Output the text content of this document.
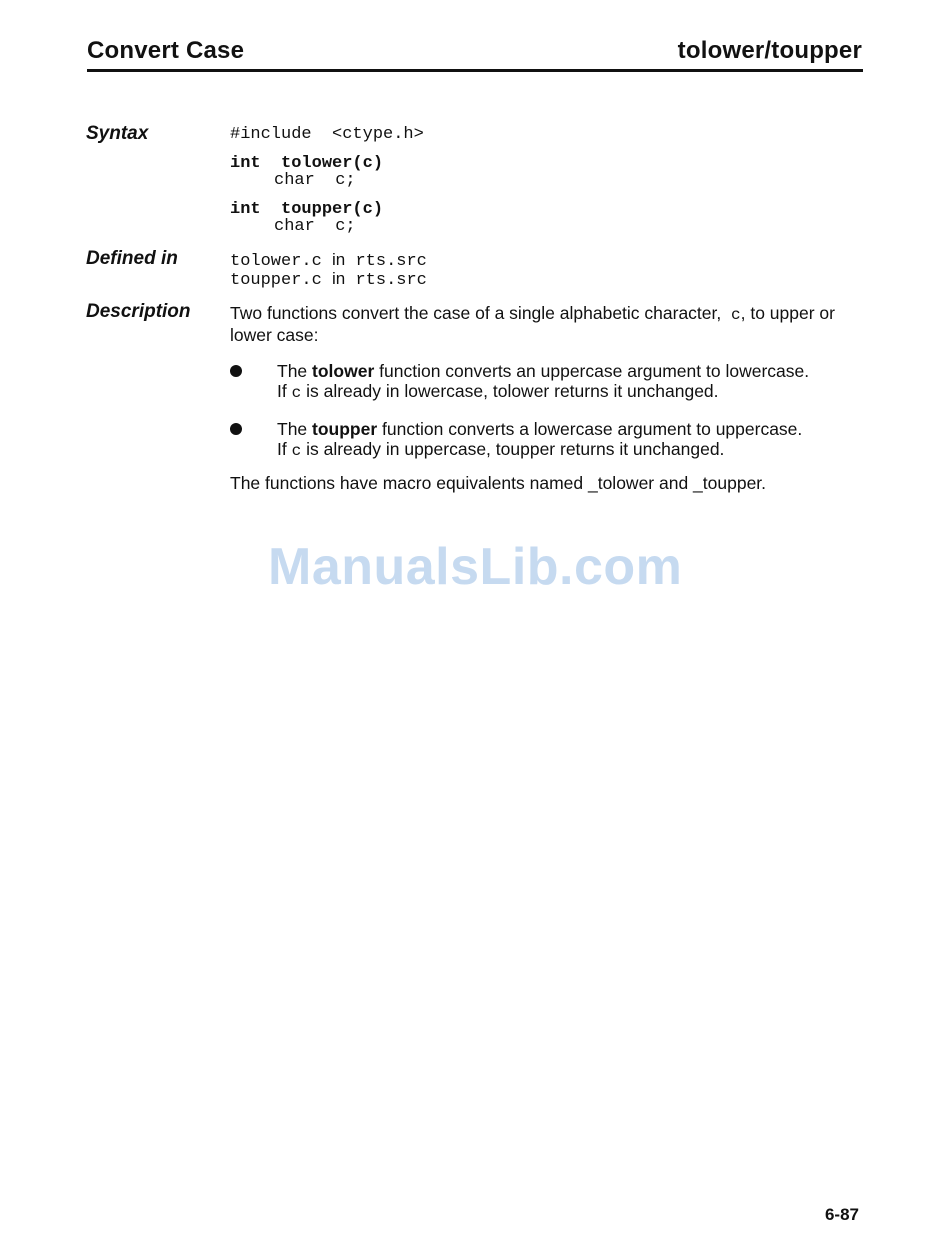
Convert Case	tolower/toupper
Syntax	#include  <ctype.h>
int tolower(c)
char  c;
int toupper(c)
char  c;
Defined in	tolower.c in rts.src
toupper.c in rts.src
Description Two functions convert the case of a single alphabetic character, c, to upper or lower case:
The tolower function converts an uppercase argument to lowercase.
If c is already in lowercase, tolower returns it unchanged.
The toupper function converts a lowercase argument to uppercase.
If c is already in uppercase, toupper returns it unchanged.
The functions have macro equivalents named _tolower and _toupper.
ManualsLib.com
6-87
